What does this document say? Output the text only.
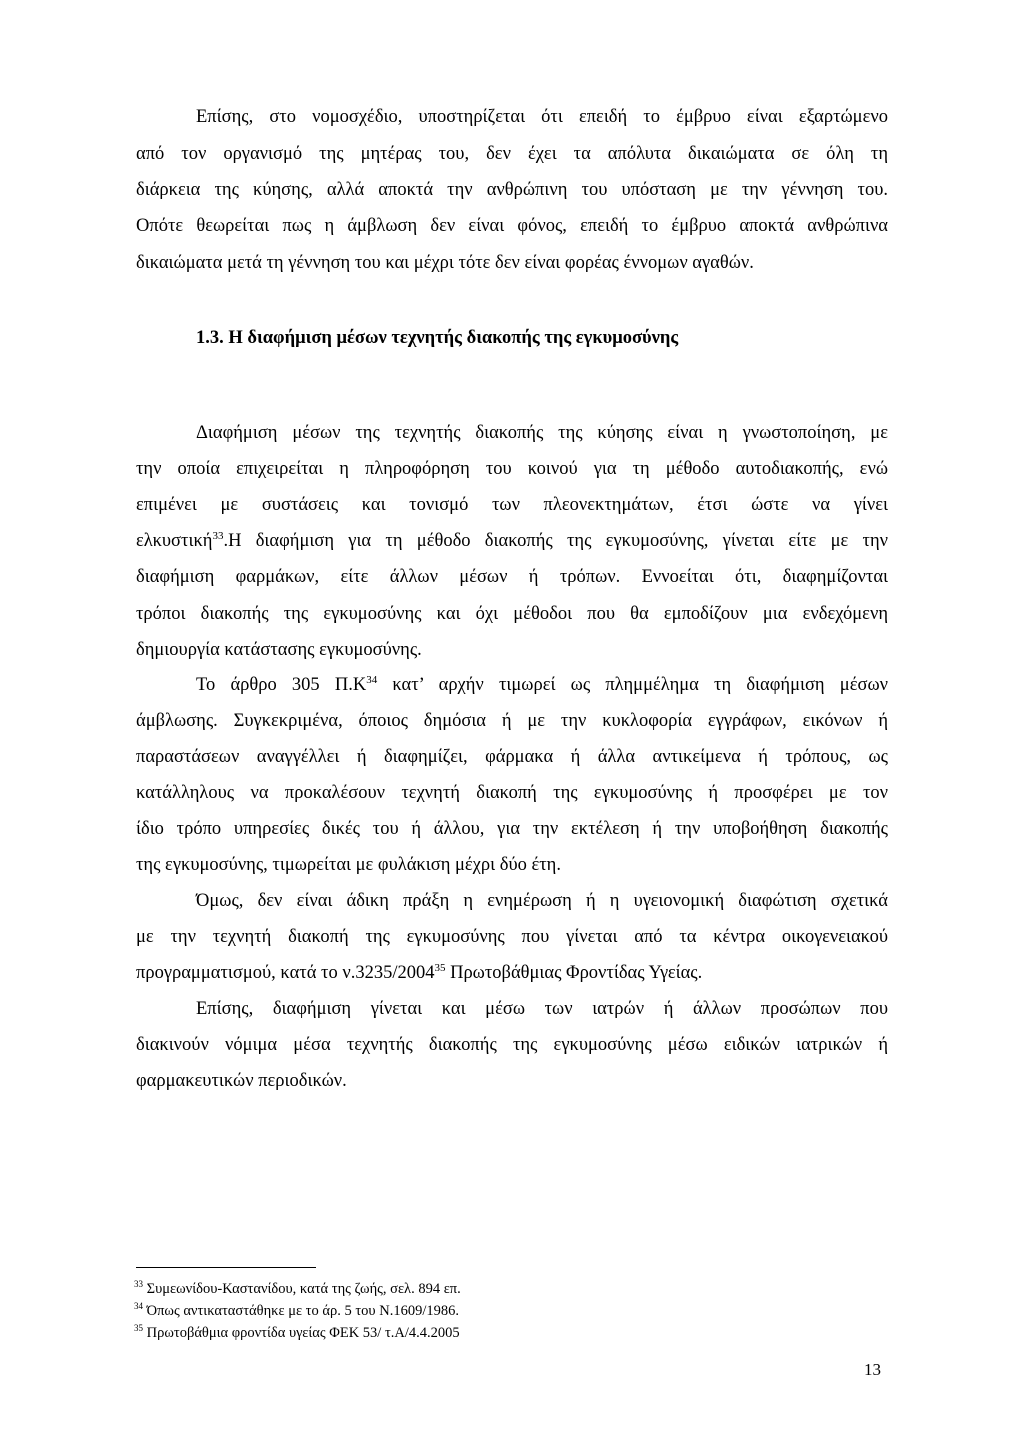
Επίσης, στο νομοσχέδιο, υποστηρίζεται ότι επειδή το έμβρυο είναι εξαρτώμενο
από τον οργανισμό της μητέρας του, δεν έχει τα απόλυτα δικαιώματα σε όλη τη
διάρκεια της κύησης, αλλά αποκτά την ανθρώπινη του υπόσταση με την γέννηση του.
Οπότε θεωρείται πως η άμβλωση δεν είναι φόνος, επειδή το έμβρυο αποκτά ανθρώπινα
δικαιώματα μετά τη γέννηση του και μέχρι τότε δεν είναι φορέας έννομων αγαθών.
1.3. Η διαφήμιση μέσων τεχνητής διακοπής της εγκυμοσύνης
Διαφήμιση μέσων της τεχνητής διακοπής της κύησης είναι η γνωστοποίηση, με
την οποία επιχειρείται η πληροφόρηση του κοινού για τη μέθοδο αυτοδιακοπής, ενώ
επιμένει με συστάσεις και τονισμό των πλεονεκτημάτων, έτσι ώστε να γίνει
ελκυστική$^{33}$.Η διαφήμιση για τη μέθοδο διακοπής της εγκυμοσύνης, γίνεται είτε με την
διαφήμιση φαρμάκων, είτε άλλων μέσων ή τρόπων. Εννοείται ότι, διαφημίζονται
τρόποι διακοπής της εγκυμοσύνης και όχι μέθοδοι που θα εμποδίζουν μια ενδεχόμενη
δημιουργία κατάστασης εγκυμοσύνης.
Το άρθρο 305 $\Pi.K^{34}$ κατ’ αρχήν τιμωρεί ως πλημμέλημα τη διαφήμιση μέσων
άμβλωσης. Συγκεκριμένα, όποιος δημόσια ή με την κυκλοφορία εγγράφων, εικόνων ή
παραστάσεων αναγγέλλει ή διαφημίζει, φάρμακα ή άλλα αντικείμενα ή τρόπους, ως
κατάλληλους να προκαλέσουν τεχνητή διακοπή της εγκυμοσύνης ή προσφέρει με τον
ίδιο τρόπο υπηρεσίες δικές του ή άλλου, για την εκτέλεση ή την υποβοήθηση διακοπής
της εγκυμοσύνης, τιμωρείται με φυλάκιση μέχρι δύο έτη.
Όμως, δεν είναι άδικη πράξη η ενημέρωση ή η υγειονομική διαφώτιση σχετικά
με την τεχνητή διακοπή της εγκυμοσύνης που γίνεται από τα κέντρα οικογενειακού
προγραμματισμού, κατά το ν.3235/2004$^{35}$ Πρωτοβάθμιας Φροντίδας Υγείας.
Επίσης, διαφήμιση γίνεται και μέσω των ιατρών ή άλλων προσώπων που
διακινούν νόμιμα μέσα τεχνητής διακοπής της εγκυμοσύνης μέσω ειδικών ιατρικών ή
φαρμακευτικών περιοδικών.
$^{33}$ Συμεωνίδου-Καστανίδου, κατά της ζωής, σελ. 894 επ.
$^{34}$ Όπως αντικαταστάθηκε με το άρ. 5 του Ν.1609/1986.
$^{35}$ Πρωτοβάθμια φροντίδα υγείας ΦΕΚ 53/ τ.Α/4.4.2005
13
